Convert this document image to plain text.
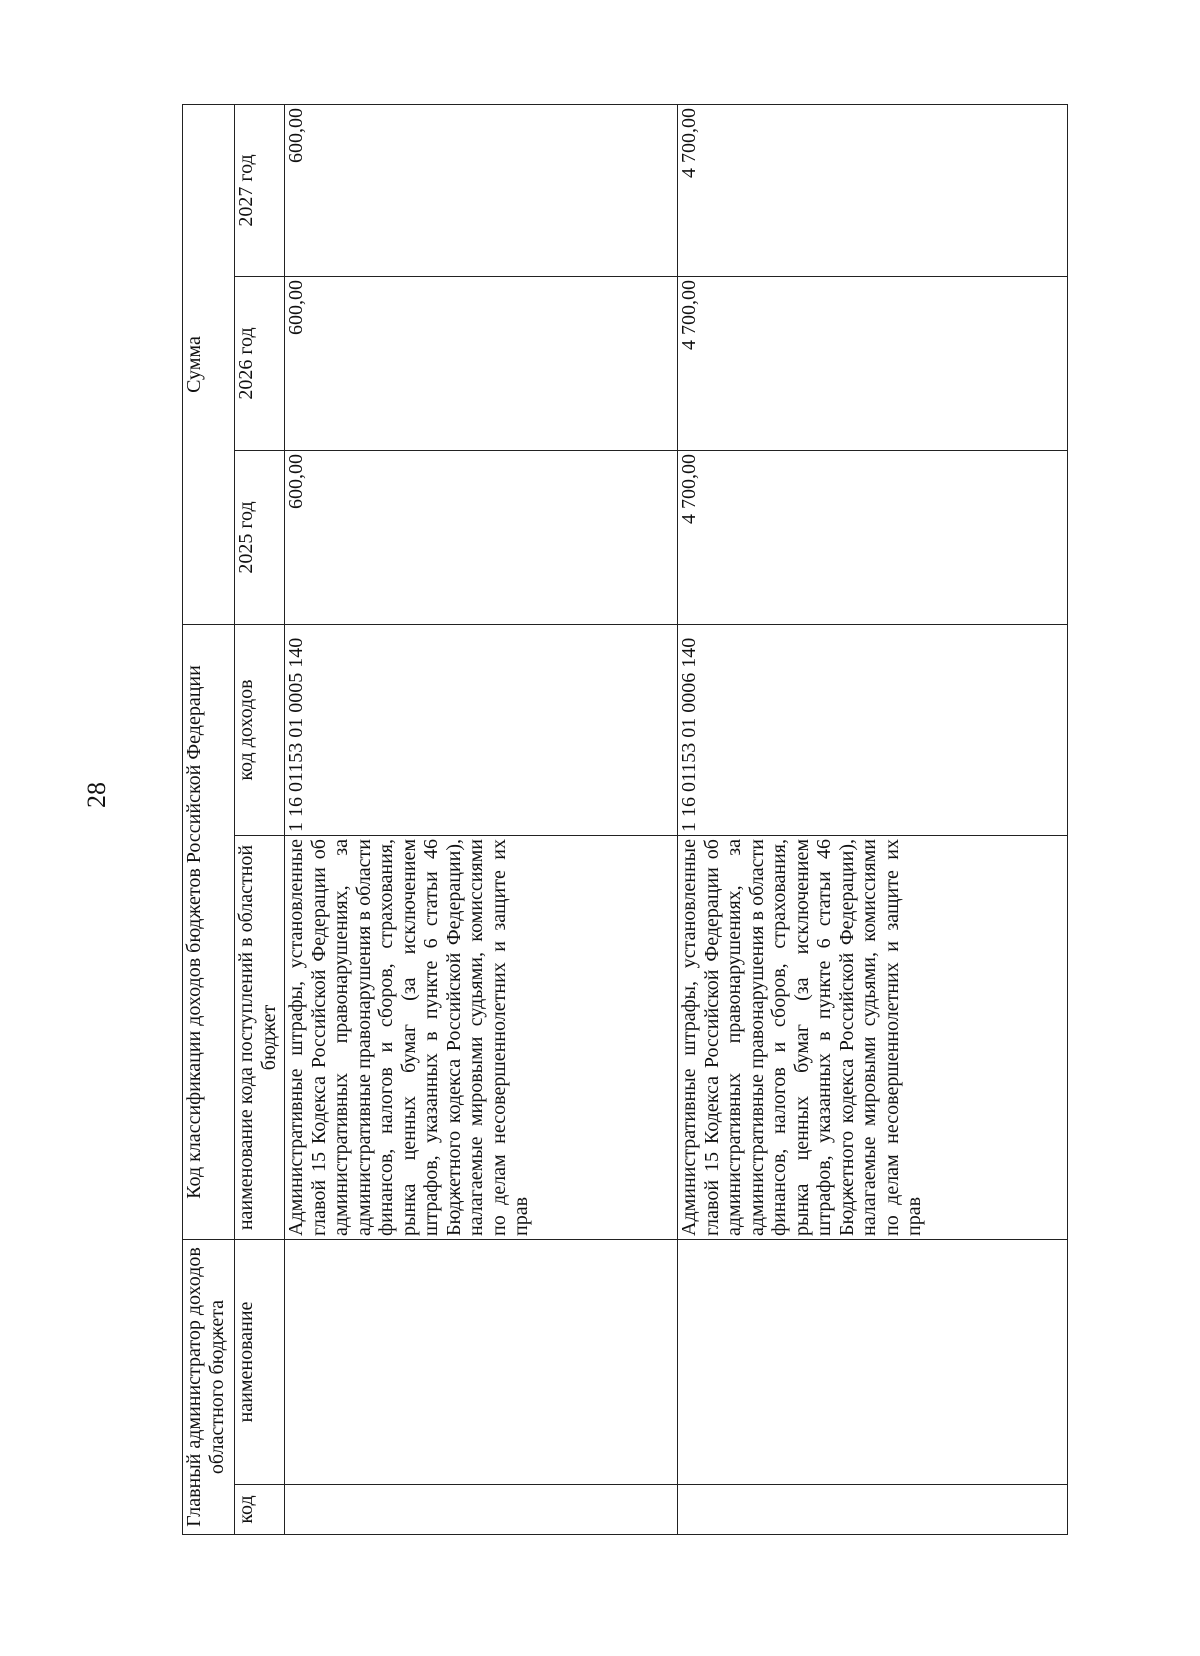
28
Главный администратор доходов областного бюджета		Код классификации доходов бюджетов Российской Федерации		Сумма		
код	наименование	наименование кода поступлений в областной бюджет	код доходов	2025 год	2026 год	2027 год
		Административные штрафы, установленные главой 15 Кодекса Российской Федерации об административных правонарушениях, за административные правонарушения в области финансов, налогов и сборов, страхования, рынка ценных бумаг (за исключением штрафов, указанных в пункте 6 статьи 46 Бюджетного кодекса Российской Федерации), налагаемые мировыми судьями, комиссиями по делам несовершеннолетних и защите их прав	1 16 01153 01 0005 140	600,00	600,00	600,00
		Административные штрафы, установленные главой 15 Кодекса Российской Федерации об административных правонарушениях, за административные правонарушения в области финансов, налогов и сборов, страхования, рынка ценных бумаг (за исключением штрафов, указанных в пункте 6 статьи 46 Бюджетного кодекса Российской Федерации), налагаемые мировыми судьями, комиссиями по делам несовершеннолетних и защите их прав	1 16 01153 01 0006 140	4 700,00	4 700,00	4 700,00
